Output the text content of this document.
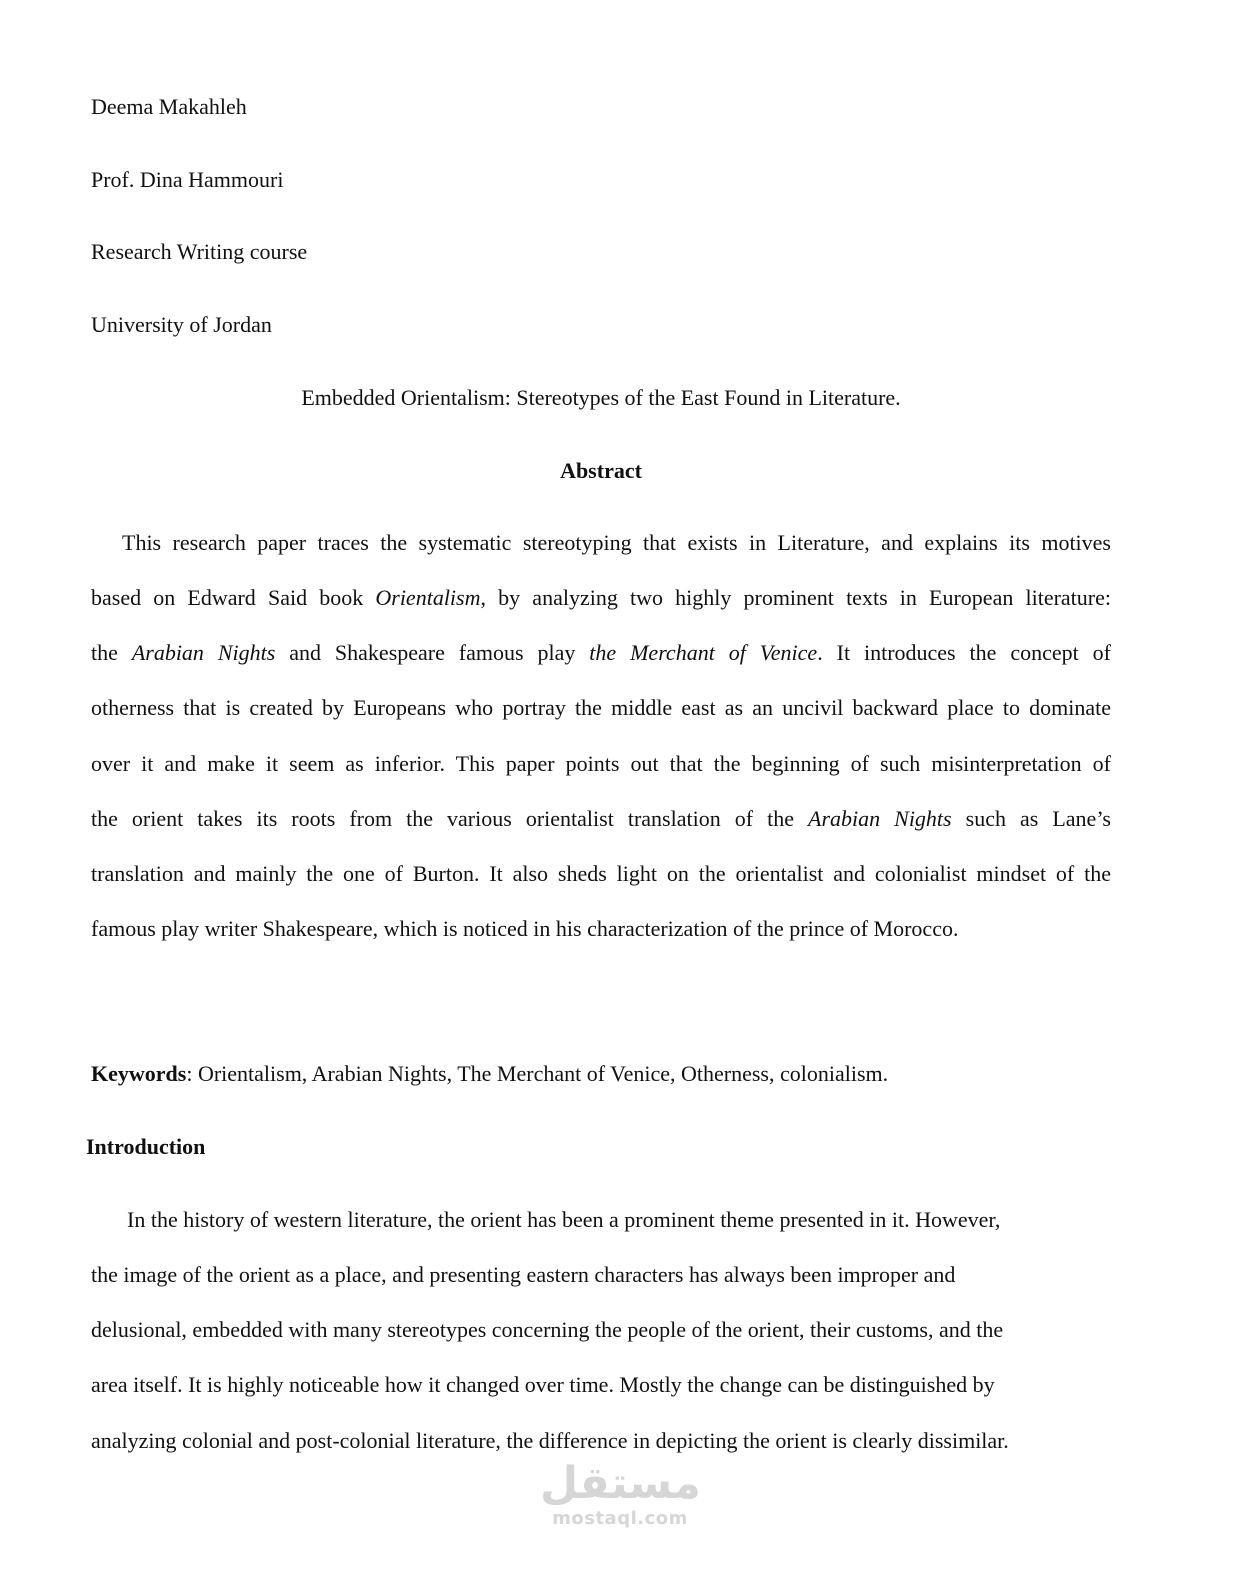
Deema Makahleh
Prof. Dina Hammouri
Research Writing course
University of Jordan
Embedded Orientalism: Stereotypes of the East Found in Literature.
Abstract
This research paper traces the systematic stereotyping that exists in Literature, and explains its motives
based on Edward Said book Orientalism, by analyzing two highly prominent texts in European literature:
the Arabian Nights and Shakespeare famous play the Merchant of Venice. It introduces the concept of
otherness that is created by Europeans who portray the middle east as an uncivil backward place to dominate
over it and make it seem as inferior. This paper points out that the beginning of such misinterpretation of
the orient takes its roots from the various orientalist translation of the Arabian Nights such as Lane’s
translation and mainly the one of Burton. It also sheds light on the orientalist and colonialist mindset of the
famous play writer Shakespeare, which is noticed in his characterization of the prince of Morocco.
Keywords: Orientalism, Arabian Nights, The Merchant of Venice, Otherness, colonialism.
Introduction
In the history of western literature, the orient has been a prominent theme presented in it. However,
the image of the orient as a place, and presenting eastern characters has always been improper and
delusional, embedded with many stereotypes concerning the people of the orient, their customs, and the
area itself. It is highly noticeable how it changed over time. Mostly the change can be distinguished by
analyzing colonial and post-colonial literature, the difference in depicting the orient is clearly dissimilar.
مستقل
mostaql.com
